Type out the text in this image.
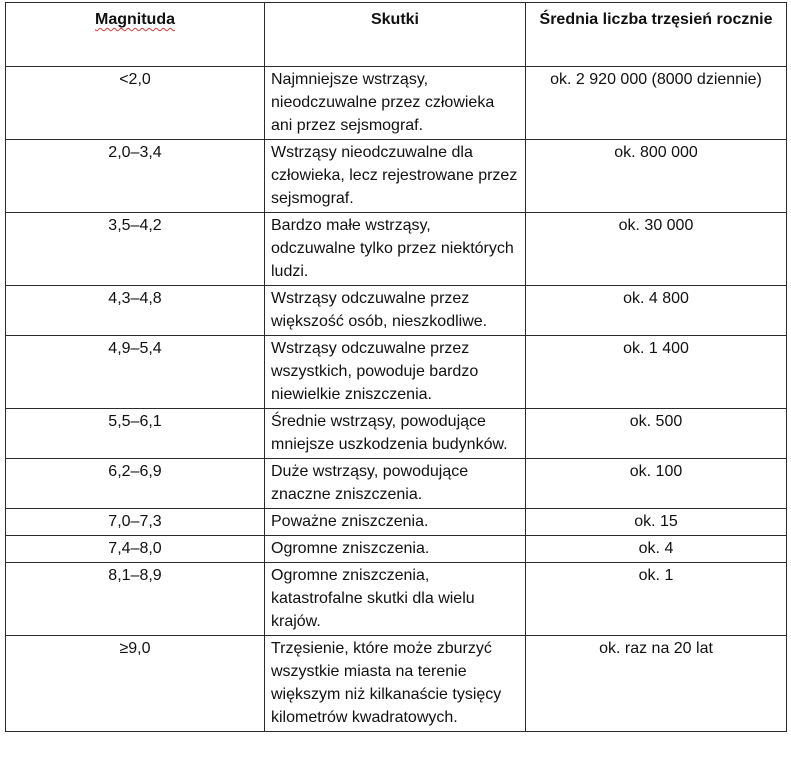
Magnituda	Skutki	Średnia liczba trzęsień rocznie
<2,0	Najmniejsze wstrząsy, nieodczuwalne przez człowieka ani przez sejsmograf.	ok. 2 920 000 (8000 dziennie)
2,0–3,4	Wstrząsy nieodczuwalne dla człowieka, lecz rejestrowane przez sejsmograf.	ok. 800 000
3,5–4,2	Bardzo małe wstrząsy, odczuwalne tylko przez niektórych ludzi.	ok. 30 000
4,3–4,8	Wstrząsy odczuwalne przez większość osób, nieszkodliwe.	ok. 4 800
4,9–5,4	Wstrząsy odczuwalne przez wszystkich, powoduje bardzo niewielkie zniszczenia.	ok. 1 400
5,5–6,1	Średnie wstrząsy, powodujące mniejsze uszkodzenia budynków.	ok. 500
6,2–6,9	Duże wstrząsy, powodujące znaczne zniszczenia.	ok. 100
7,0–7,3	Poważne zniszczenia.	ok. 15
7,4–8,0	Ogromne zniszczenia.	ok. 4
8,1–8,9	Ogromne zniszczenia, katastrofalne skutki dla wielu krajów.	ok. 1
≥9,0	Trzęsienie, które może zburzyć wszystkie miasta na terenie większym niż kilkanaście tysięcy kilometrów kwadratowych.	ok. raz na 20 lat
